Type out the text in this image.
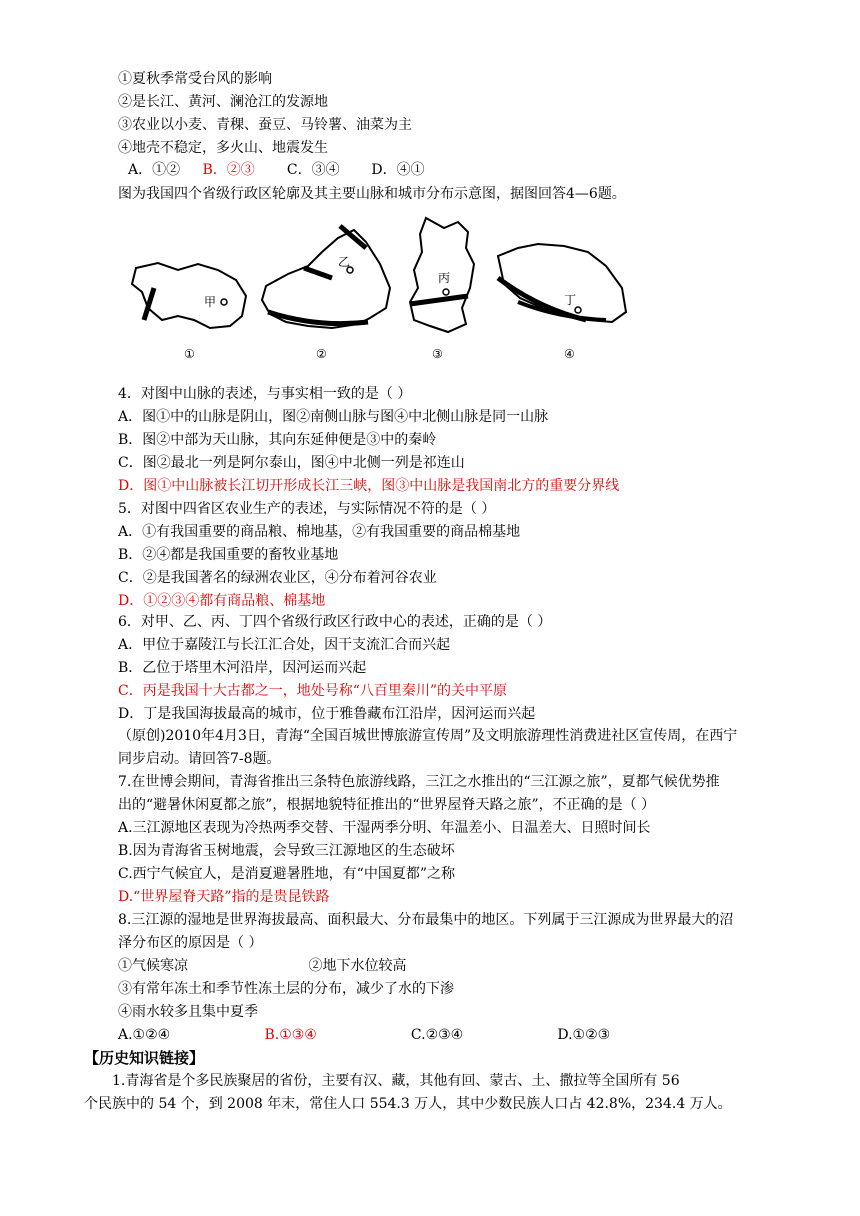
①夏秋季常受台风的影响
②是长江、黄河、澜沧江的发源地
③农业以小麦、青稞、蚕豆、马铃薯、油菜为主
④地壳不稳定，多火山、地震发生
A．①② B．②③ C．③④ D．④①
图为我国四个省级行政区轮廓及其主要山脉和城市分布示意图，据图回答4—6题。
甲
①
乙
②
丙
③
丁
④
4．对图中山脉的表述，与事实相一致的是（ ）
A．图①中的山脉是阴山，图②南侧山脉与图④中北侧山脉是同一山脉
B．图②中部为天山脉，其向东延伸便是③中的秦岭
C．图②最北一列是阿尔泰山，图④中北侧一列是祁连山
D．图①中山脉被长江切开形成长江三峡，图③中山脉是我国南北方的重要分界线
5．对图中四省区农业生产的表述，与实际情况不符的是（ ）
A．①有我国重要的商品粮、棉地基，②有我国重要的商品棉基地
B．②④都是我国重要的畜牧业基地
C．②是我国著名的绿洲农业区，④分布着河谷农业
D．①②③④都有商品粮、棉基地
6．对甲、乙、丙、丁四个省级行政区行政中心的表述，正确的是（ ）
A．甲位于嘉陵江与长江汇合处，因干支流汇合而兴起
B．乙位于塔里木河沿岸，因河运而兴起
C．丙是我国十大古都之一，地处号称“八百里秦川”的关中平原
D．丁是我国海拔最高的城市，位于雅鲁藏布江沿岸，因河运而兴起
（原创)2010年4月3日，青海“全国百城世博旅游宣传周”及文明旅游理性消费进社区宣传周，在西宁
同步启动。请回答7-8题。
7.在世博会期间，青海省推出三条特色旅游线路，三江之水推出的“三江源之旅”，夏都气候优势推
出的“避暑休闲夏都之旅”，根据地貌特征推出的“世界屋脊天路之旅”，不正确的是（ ）
A.三江源地区表现为冷热两季交替、干湿两季分明、年温差小、日温差大、日照时间长
B.因为青海省玉树地震，会导致三江源地区的生态破坏
C.西宁气候宜人，是消夏避暑胜地，有“中国夏都”之称
D.“世界屋脊天路”指的是贵昆铁路
8.三江源的湿地是世界海拔最高、面积最大、分布最集中的地区。下列属于三江源成为世界最大的沼
泽分布区的原因是（ ）
①气候寒凉	②地下水位较高
③有常年冻土和季节性冻土层的分布，减少了水的下渗
④雨水较多且集中夏季
A.①②④	B.①③④	C.②③④	D.①②③
【历史知识链接】
1.青海省是个多民族聚居的省份，主要有汉、藏，其他有回、蒙古、土、撒拉等全国所有 56
个民族中的 54 个，到 2008 年末，常住人口 554.3 万人，其中少数民族人口占 42.8%，234.4 万人。
